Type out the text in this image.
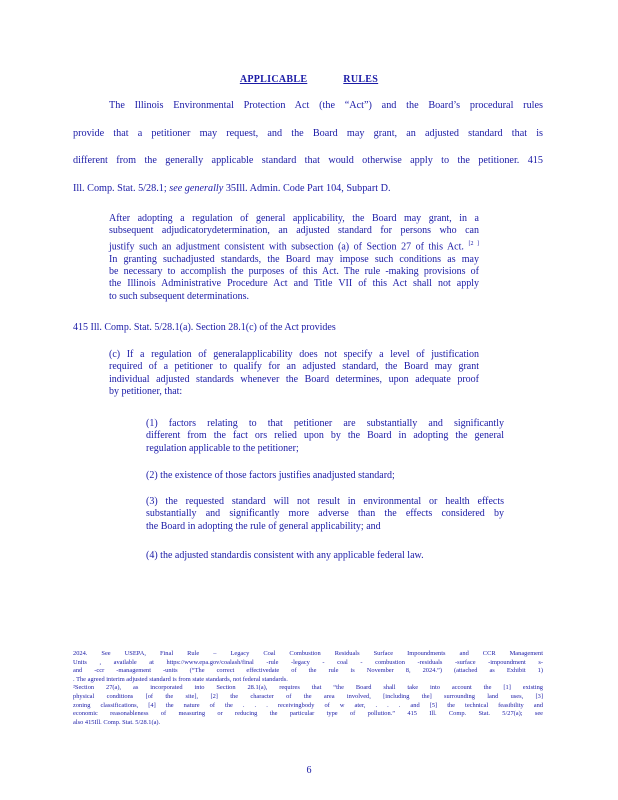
APPLICABLE	RULES
The Illinois Environmental Protection Act (the “Act”) and the Board’s procedural rules
provide that a petitioner may request, and the Board may grant, an adjusted standard that is
different from the generally applicable standard that would otherwise apply to the petitioner. 415
Ill. Comp. Stat. 5/28.1; see generally 35Ill. Admin. Code Part 104, Subpart D.
After adopting a regulation of general applicability, the Board may grant, in a
subsequent adjudicatorydetermination, an adjusted standard for persons who can
justify such an adjustment consistent with subsection (a) of Section 27 of this Act. [2 ]
In granting suchadjusted standards, the Board may impose such conditions as may
be necessary to accomplish the purposes of this Act. The rule -making provisions of
the Illinois Administrative Procedure Act and Title VII of this Act shall not apply
to such subsequent determinations.
415 Ill. Comp. Stat. 5/28.1(a). Section 28.1(c) of the Act provides
(c) If a regulation of generalapplicability does not specify a level of justification
required of a petitioner to qualify for an adjusted standard, the Board may grant
individual adjusted standards whenever the Board determines, upon adequate proof
by petitioner, that:
(1) factors relating to that petitioner are substantially and significantly
different from the fact ors relied upon by the Board in adopting the general
regulation applicable to the petitioner;
(2) the existence of those factors justifies anadjusted standard;
(3) the requested standard will not result in environmental or health effects
substantially and significantly more adverse than the effects considered by
the Board in adopting the rule of general applicability; and
(4) the adjusted standardis consistent with any applicable federal law.
2024. See USEPA, Final Rule – Legacy Coal Combustion Residuals Surface Impoundments and CCR Management
Units , available at https://www.epa.gov/coalash/final -rule -legacy - coal - combustion -residuals -surface -impoundment s-
and -ccr -management -units (“The correct effectivedate of the rule is November 8, 2024.”) (attached as Exhibit 1)
. The agreed interim adjusted standard is from state standards, not federal standards.
²Section 27(a), as incorporated into Section 28.1(a), requires that “the Board shall take into account the [1] existing
physical conditions [of the site], [2] the character of the area involved, [including the] surrounding land uses, [3]
zoning classifications, [4] the nature of the . . . receivingbody of w ater, . . . and [5] the technical feasibility and
economic reasonableness of measuring or reducing the particular type of pollution.” 415 Ill. Comp. Stat. 5/27(a); see
also 415Ill. Comp. Stat. 5/28.1(a).
6
